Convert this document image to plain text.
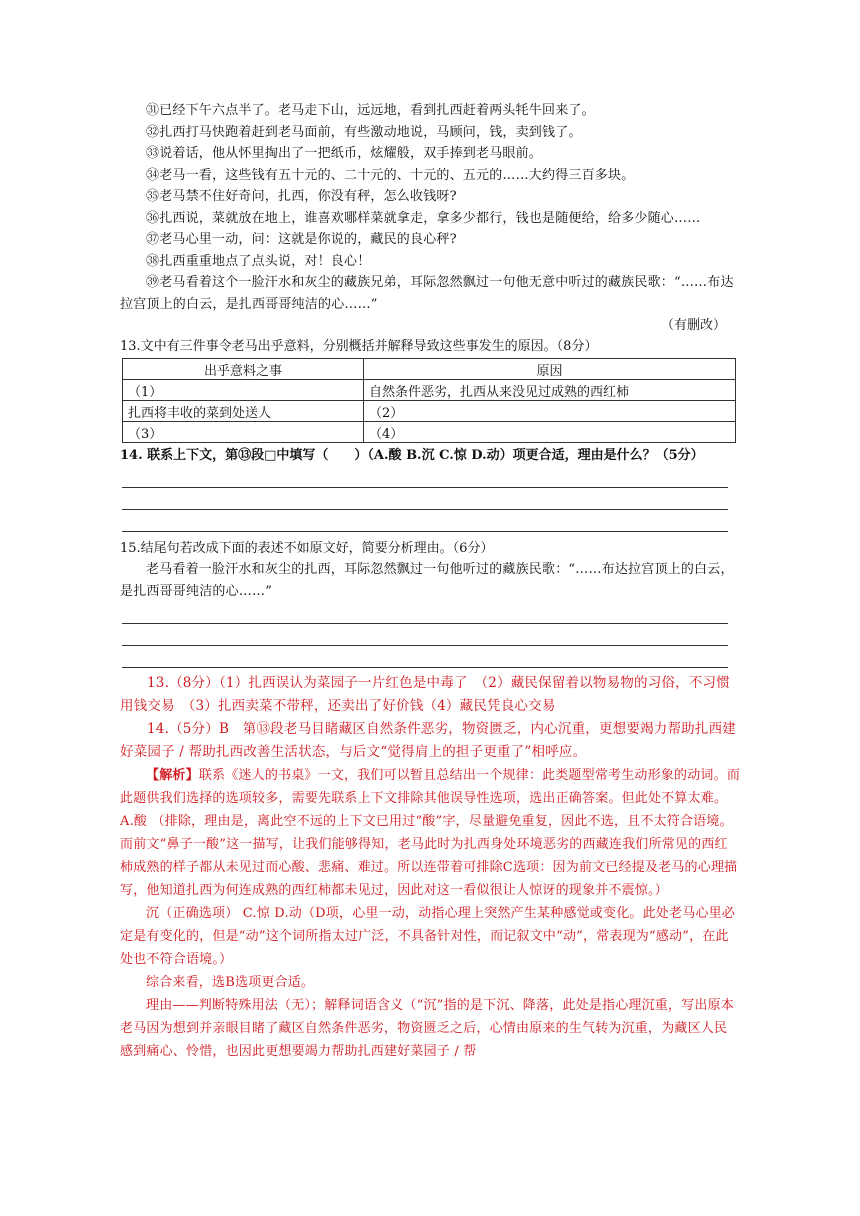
㉛已经下午六点半了。老马走下山，远远地，看到扎西赶着两头牦牛回来了。

㉜扎西打马快跑着赶到老马面前，有些激动地说，马顾问，钱，卖到钱了。

㉝说着话，他从怀里掏出了一把纸币，炫耀般，双手捧到老马眼前。

㉞老马一看，这些钱有五十元的、二十元的、十元的、五元的……大约得三百多块。

㉟老马禁不住好奇问，扎西，你没有秤，怎么收钱呀?

㊱扎西说，菜就放在地上，谁喜欢哪样菜就拿走，拿多少都行，钱也是随便给，给多少随心……

㊲老马心里一动，问：这就是你说的，藏民的良心秤?

㊳扎西重重地点了点头说，对！良心！

㊴老马看着这个一脸汗水和灰尘的藏族兄弟，耳际忽然飘过一句他无意中听过的藏族民歌：“……布达拉宫顶上的白云，是扎西哥哥纯洁的心……”

（有删改）

13.文中有三件事令老马出乎意料，分别概括并解释导致这些事发生的原因。（8分）

出乎意料之事	原因
（1）	自然条件恶劣，扎西从来没见过成熟的西红柿
扎西将丰收的菜到处送人	（2）
（3）	（4）

14. 联系上下文，第⑬段□中填写（　　）（A.酸 B.沉 C.惊 D.动）项更合适，理由是什么？（5分）

15.结尾句若改成下面的表述不如原文好，简要分析理由。（6分）

老马看着一脸汗水和灰尘的扎西，耳际忽然飘过一句他听过的藏族民歌：“……布达拉宫顶上的白云，是扎西哥哥纯洁的心……”

13.（8分）（1）扎西误认为菜园子一片红色是中毒了　（2）藏民保留着以物易物的习俗，不习惯用钱交易　（3）扎西卖菜不带秤，还卖出了好价钱（4）藏民凭良心交易

14.（5分）B　第⑬段老马目睹藏区自然条件恶劣，物资匮乏，内心沉重，更想要竭力帮助扎西建好菜园子 / 帮助扎西改善生活状态，与后文“觉得肩上的担子更重了”相呼应。

【解析】联系《迷人的书桌》一文，我们可以暂且总结出一个规律：此类题型常考生动形象的动词。而此题供我们选择的选项较多，需要先联系上下文排除其他误导性选项，选出正确答案。但此处不算太难。A.酸 （排除，理由是，离此空不远的上下文已用过“酸”字，尽量避免重复，因此不选，且不太符合语境。而前文“鼻子一酸”这一描写，让我们能够得知，老马此时为扎西身处环境恶劣的西藏连我们所常见的西红柿成熟的样子都从未见过而心酸、悲痛、难过。所以连带着可排除C选项：因为前文已经提及老马的心理描写，他知道扎西为何连成熟的西红柿都未见过，因此对这一看似很让人惊讶的现象并不震惊。）

沉（正确选项） C.惊 D.动（D项，心里一动，动指心理上突然产生某种感觉或变化。此处老马心里必定是有变化的，但是“动”这个词所指太过广泛，不具备针对性，而记叙文中“动”，常表现为“感动”，在此处也不符合语境。）

综合来看，选B选项更合适。

理由——判断特殊用法（无）；解释词语含义（“沉”指的是下沉、降落，此处是指心理沉重，写出原本老马因为想到并亲眼目睹了藏区自然条件恶劣，物资匮乏之后，心情由原来的生气转为沉重，为藏区人民感到痛心、怜惜，也因此更想要竭力帮助扎西建好菜园子 / 帮
